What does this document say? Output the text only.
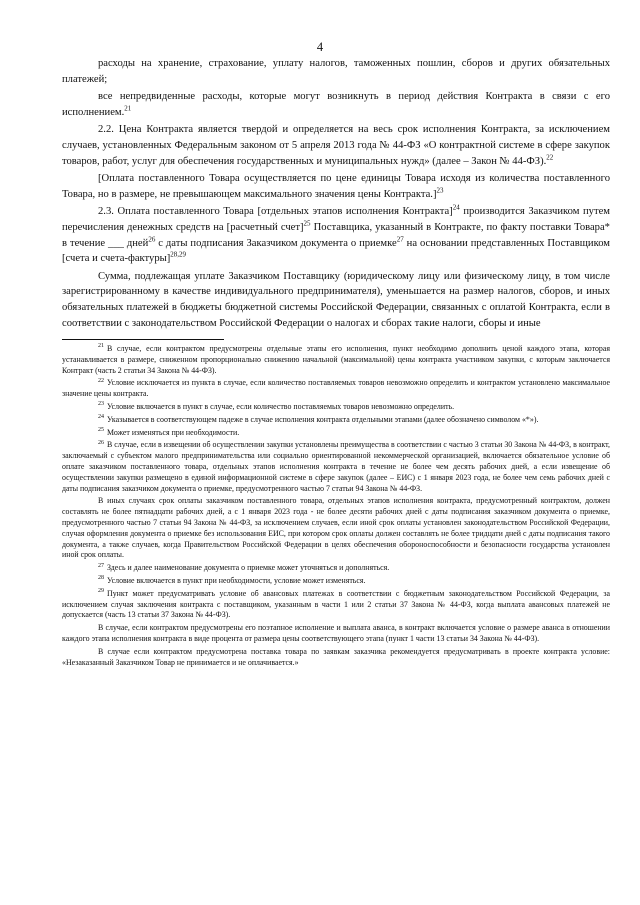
4

расходы на хранение, страхование, уплату налогов, таможенных пошлин, сборов и других обязательных платежей;

все непредвиденные расходы, которые могут возникнуть в период действия Контракта в связи с его исполнением.$^{21}$

2.2. Цена Контракта является твердой и определяется на весь срок исполнения Контракта, за исключением случаев, установленных Федеральным законом от 5 апреля 2013 года № 44-ФЗ «О контрактной системе в сфере закупок товаров, работ, услуг для обеспечения государственных и муниципальных нужд» (далее – Закон № 44-ФЗ).$^{22}$

[Оплата поставленного Товара осуществляется по цене единицы Товара исходя из количества поставленного Товара, но в размере, не превышающем максимального значения цены Контракта.]$^{23}$

2.3. Оплата поставленного Товара [отдельных этапов исполнения Контракта]$^{24}$ производится Заказчиком путем перечисления денежных средств на [расчетный счет]$^{25}$ Поставщика, указанный в Контракте, по факту поставки Товара* в течение ___ дней$^{26}$ с даты подписания Заказчиком документа о приемке$^{27}$ на основании представленных Поставщиком [счета и счета-фактуры]$^{28,29}$

Сумма, подлежащая уплате Заказчиком Поставщику (юридическому лицу или физическому лицу, в том числе зарегистрированному в качестве индивидуального предпринимателя), уменьшается на размер налогов, сборов, и иных обязательных платежей в бюджеты бюджетной системы Российской Федерации, связанных с оплатой Контракта, если в соответствии с законодательством Российской Федерации о налогах и сборах такие налоги, сборы и иные

$^{21}$ В случае, если контрактом предусмотрены отдельные этапы его исполнения, пункт необходимо дополнить ценой каждого этапа, которая устанавливается в размере, сниженном пропорционально снижению начальной (максимальной) цены контракта участником закупки, с которым заключается Контракт (часть 2 статьи 34 Закона № 44-ФЗ).

$^{22}$ Условие исключается из пункта в случае, если количество поставляемых товаров невозможно определить и контрактом установлено максимальное значение цены контракта.

$^{23}$ Условие включается в пункт в случае, если количество поставляемых товаров невозможно определить.

$^{24}$ Указывается в соответствующем падеже в случае исполнения контракта отдельными этапами (далее обозначено символом «*»).

$^{25}$ Может изменяться при необходимости.

$^{26}$ В случае, если в извещении об осуществлении закупки установлены преимущества в соответствии с частью 3 статьи 30 Закона № 44-ФЗ, в контракт, заключаемый с субъектом малого предпринимательства или социально ориентированной некоммерческой организацией, включается обязательное условие об оплате заказчиком поставленного товара, отдельных этапов исполнения контракта в течение не более чем десять рабочих дней, а если извещение об осуществлении закупки размещено в единой информационной системе в сфере закупок (далее – ЕИС) с 1 января 2023 года, не более чем семь рабочих дней с даты подписания заказчиком документа о приемке, предусмотренного частью 7 статьи 94 Закона № 44-ФЗ.

В иных случаях срок оплаты заказчиком поставленного товара, отдельных этапов исполнения контракта, предусмотренный контрактом, должен составлять не более пятнадцати рабочих дней, а с 1 января 2023 года - не более десяти рабочих дней с даты подписания заказчиком документа о приемке, предусмотренного частью 7 статьи 94 Закона № 44-ФЗ, за исключением случаев, если иной срок оплаты установлен законодательством Российской Федерации, случая оформления документа о приемке без использования ЕИС, при котором срок оплаты должен составлять не более тридцати дней с даты подписания такого документа, а также случаев, когда Правительством Российской Федерации в целях обеспечения обороноспособности и безопасности государства установлен иной срок оплаты.

$^{27}$ Здесь и далее наименование документа о приемке может уточняться и дополняться.

$^{28}$ Условие включается в пункт при необходимости, условие может изменяться.

$^{29}$ Пункт может предусматривать условие об авансовых платежах в соответствии с бюджетным законодательством Российской Федерации, за исключением случая заключения контракта с поставщиком, указанным в части 1 или 2 статьи 37 Закона № 44-ФЗ, когда выплата авансовых платежей не допускается (часть 13 статьи 37 Закона № 44-ФЗ).

В случае, если контрактом предусмотрены его поэтапное исполнение и выплата аванса, в контракт включается условие о размере аванса в отношении каждого этапа исполнения контракта в виде процента от размера цены соответствующего этапа (пункт 1 части 13 статьи 34 Закона № 44-ФЗ).

В случае если контрактом предусмотрена поставка товара по заявкам заказчика рекомендуется предусматривать в проекте контракта условие: «Незаказанный Заказчиком Товар не принимается и не оплачивается.»
